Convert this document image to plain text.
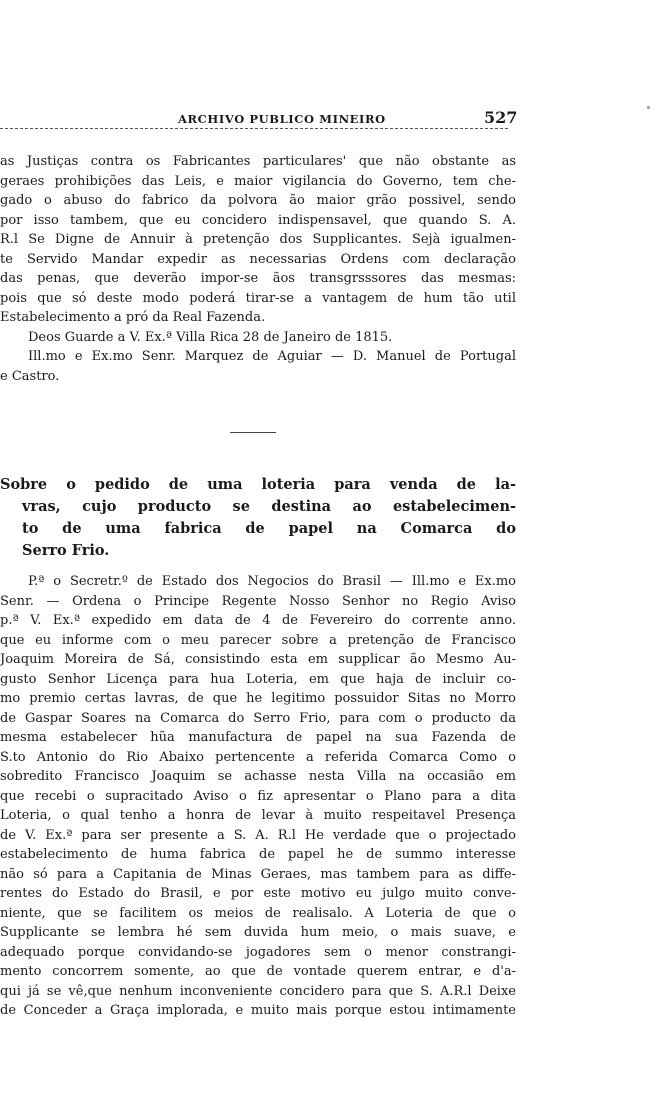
ARCHIVO PUBLICO MINEIRO	527
as Justiças contra os Fabricantes particulares' que não obstante as
geraes prohibições das Leis, e maior vigilancia do Governo, tem che-
gado o abuso do fabrico da polvora ão maior grão possivel, sendo
por isso tambem, que eu concidero indispensavel, que quando S. A.
R.l Se Digne de Annuir à pretenção dos Supplicantes. Sejà igualmen-
te Servido Mandar expedir as necessarias Ordens com declaração
das penas, que deverão impor-se ãos transgrsssores das mesmas:
pois que só deste modo poderá tirar-se a vantagem de hum tão util
Estabelecimento a pró da Real Fazenda.
Deos Guarde a V. Ex.ª Villa Rica 28 de Janeiro de 1815.
Ill.mo e Ex.mo Senr. Marquez de Aguiar — D. Manuel de Portugal
e Castro.
Sobre o pedido de uma loteria para venda de la-
vras, cujo producto se destina ao estabelecimen-
to de uma fabrica de papel na Comarca do
Serro Frio.
P.ª o Secretr.º de Estado dos Negocios do Brasil — Ill.mo e Ex.mo
Senr. — Ordena o Principe Regente Nosso Senhor no Regio Aviso
p.ª V. Ex.ª expedido em data de 4 de Fevereiro do corrente anno.
que eu informe com o meu parecer sobre a pretenção de Francisco
Joaquim Moreira de Sá, consistindo esta em supplicar ão Mesmo Au-
gusto Senhor Licença para hua Loteria, em que haja de incluir co-
mo premio certas lavras, de que he legitimo possuidor Sitas no Morro
de Gaspar Soares na Comarca do Serro Frio, para com o producto da
mesma estabelecer hũa manufactura de papel na sua Fazenda de
S.to Antonio do Rio Abaixo pertencente a referida Comarca Como o
sobredito Francisco Joaquim se achasse nesta Villa na occasião em
que recebi o supracitado Aviso o fiz apresentar o Plano para a dita
Loteria, o qual tenho a honra de levar à muito respeitavel Presença
de V. Ex.ª para ser presente a S. A. R.l He verdade que o projectado
estabelecimento de huma fabrica de papel he de summo interesse
não só para a Capitania de Minas Geraes, mas tambem para as diffe-
rentes do Estado do Brasil, e por este motivo eu julgo muito conve-
niente, que se facilitem os meios de realisalo. A Loteria de que o
Supplicante se lembra hé sem duvida hum meio, o mais suave, e
adequado porque convidando-se jogadores sem o menor constrangi-
mento concorrem somente, ao que de vontade querem entrar, e d'a-
qui já se vê,que nenhum inconveniente concidero para que S. A.R.l Deixe
de Conceder a Graça implorada, e muito mais porque estou intimamente
